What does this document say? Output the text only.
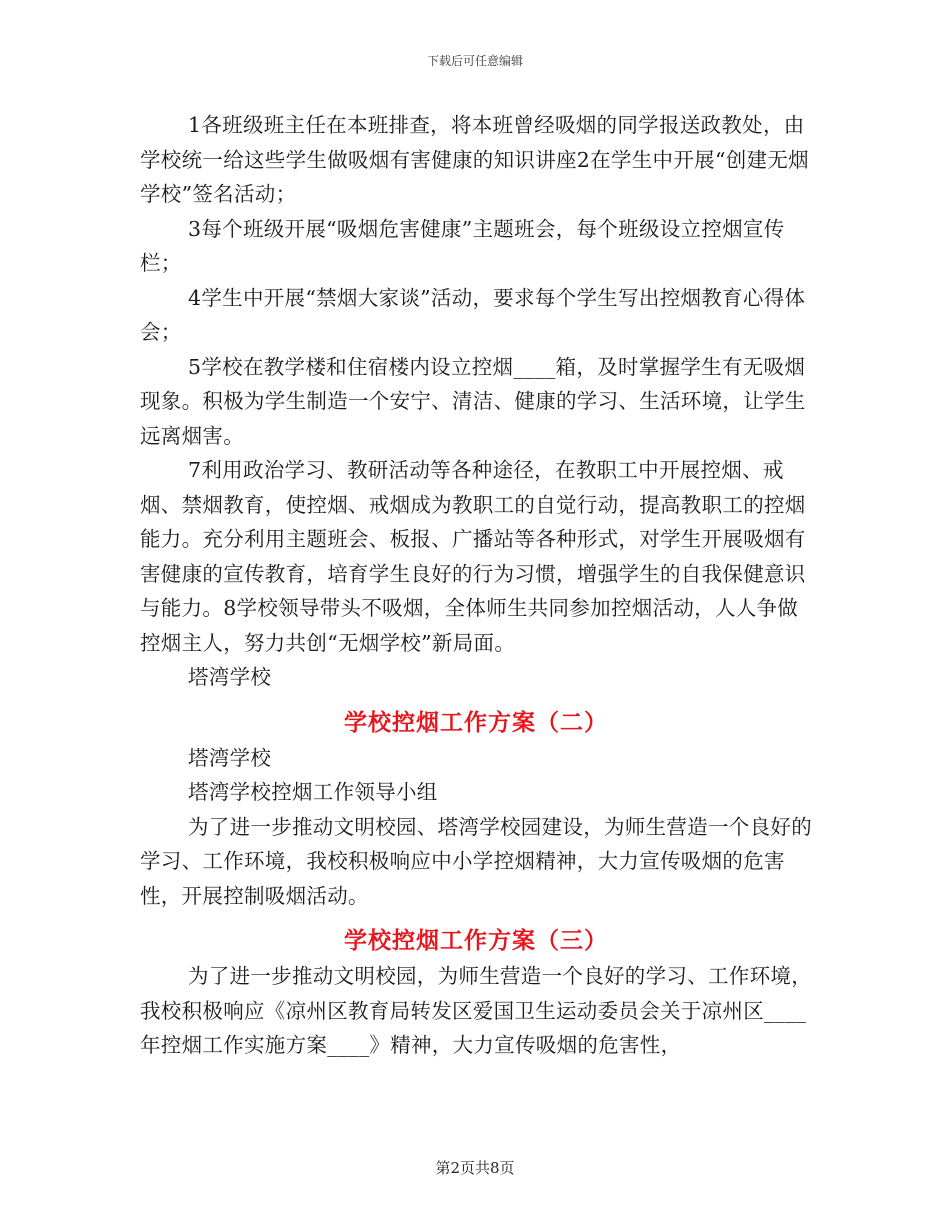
下载后可任意编辑

1各班级班主任在本班排查，将本班曾经吸烟的同学报送政教处，由学校统一给这些学生做吸烟有害健康的知识讲座2在学生中开展“创建无烟学校”签名活动；

3每个班级开展“吸烟危害健康”主题班会，每个班级设立控烟宣传栏；

4学生中开展“禁烟大家谈”活动，要求每个学生写出控烟教育心得体会；

5学校在教学楼和住宿楼内设立控烟____箱，及时掌握学生有无吸烟现象。积极为学生制造一个安宁、清洁、健康的学习、生活环境，让学生远离烟害。

7利用政治学习、教研活动等各种途径，在教职工中开展控烟、戒烟、禁烟教育，使控烟、戒烟成为教职工的自觉行动，提高教职工的控烟能力。充分利用主题班会、板报、广播站等各种形式，对学生开展吸烟有害健康的宣传教育，培育学生良好的行为习惯，增强学生的自我保健意识与能力。8学校领导带头不吸烟，全体师生共同参加控烟活动，人人争做控烟主人，努力共创“无烟学校”新局面。

塔湾学校

学校控烟工作方案（二）

塔湾学校

塔湾学校控烟工作领导小组

为了进一步推动文明校园、塔湾学校园建设，为师生营造一个良好的学习、工作环境，我校积极响应中小学控烟精神，大力宣传吸烟的危害性，开展控制吸烟活动。

学校控烟工作方案（三）

为了进一步推动文明校园，为师生营造一个良好的学习、工作环境，我校积极响应《凉州区教育局转发区爱国卫生运动委员会关于凉州区____年控烟工作实施方案____》精神，大力宣传吸烟的危害性，

第2页共8页
